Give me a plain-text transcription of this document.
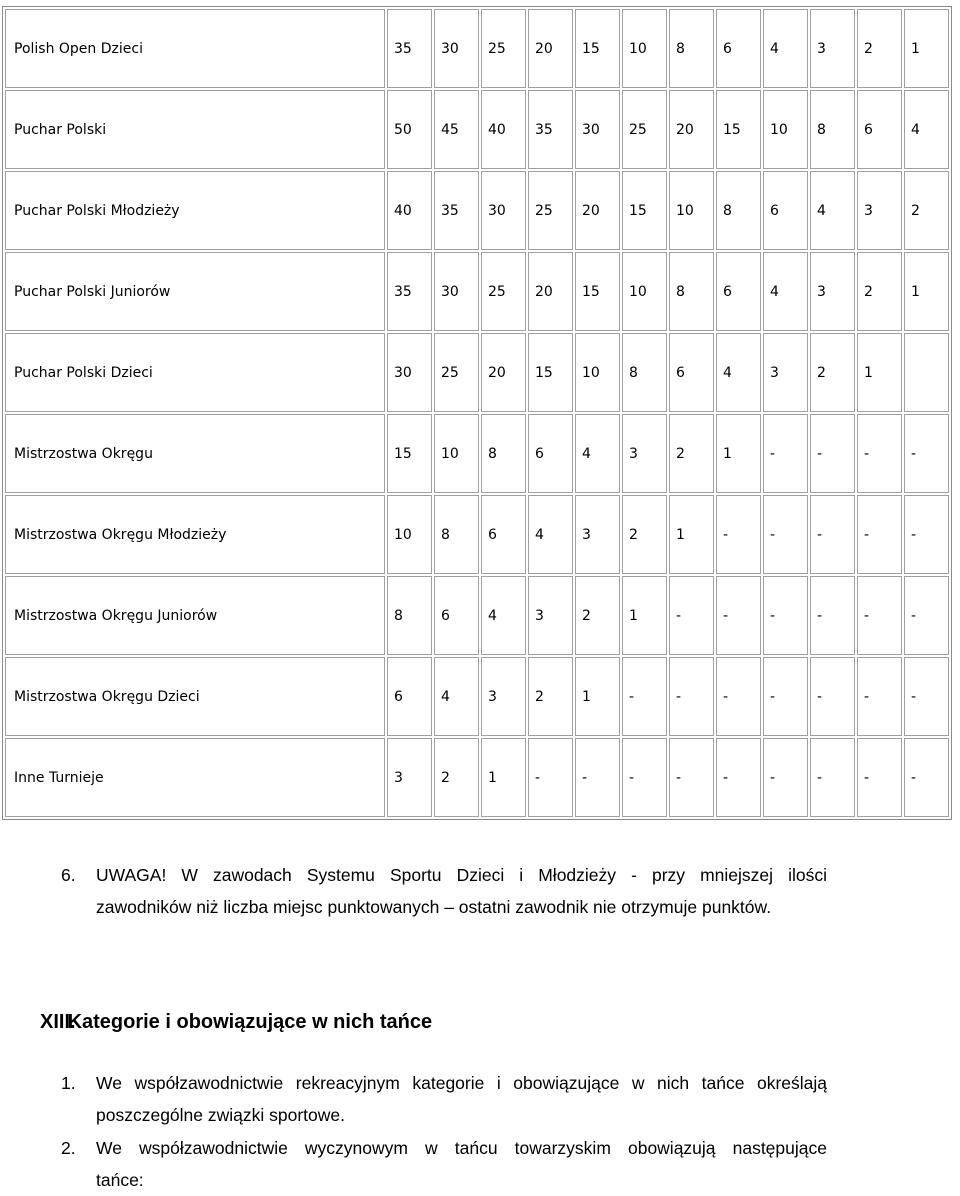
Polish Open Dzieci	35	30	25	20	15	10	8	6	4	3	2	1
Puchar Polski	50	45	40	35	30	25	20	15	10	8	6	4
Puchar Polski Młodzieży	40	35	30	25	20	15	10	8	6	4	3	2
Puchar Polski Juniorów	35	30	25	20	15	10	8	6	4	3	2	1
Puchar Polski Dzieci	30	25	20	15	10	8	6	4	3	2	1	
Mistrzostwa Okręgu	15	10	8	6	4	3	2	1	-	-	-	-
Mistrzostwa Okręgu Młodzieży	10	8	6	4	3	2	1	-	-	-	-	-
Mistrzostwa Okręgu Juniorów	8	6	4	3	2	1	-	-	-	-	-	-
Mistrzostwa Okręgu Dzieci	6	4	3	2	1	-	-	-	-	-	-	-
Inne Turnieje	3	2	1	-	-	-	-	-	-	-	-	-
6. UWAGA! W zawodach Systemu Sportu Dzieci i Młodzieży - przy mniejszej ilości
zawodników niż liczba miejsc punktowanych – ostatni zawodnik nie otrzymuje punktów.
XIII. Kategorie i obowiązujące w nich tańce
1. We współzawodnictwie rekreacyjnym kategorie i obowiązujące w nich tańce określają
poszczególne związki sportowe.
2. We współzawodnictwie wyczynowym w tańcu towarzyskim obowiązują następujące
tańce:
